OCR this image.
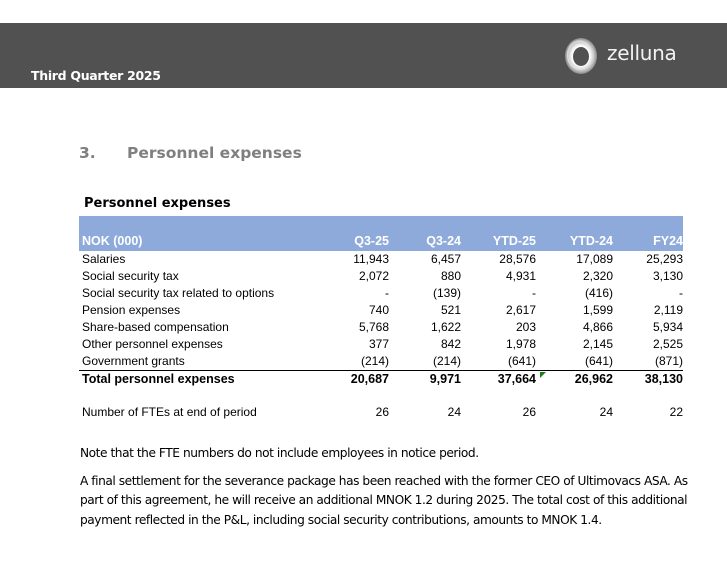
Third Quarter 2025
zelluna
3.	Personnel expenses
Personnel expenses
NOK (000)	Q3-25	Q3-24	YTD-25	YTD-24	FY24
Salaries	11,943	6,457	28,576	17,089	25,293
Social security tax	2,072	880	4,931	2,320	3,130
Social security tax related to options	-	(139)	-	(416)	-
Pension expenses	740	521	2,617	1,599	2,119
Share-based compensation	5,768	1,622	203	4,866	5,934
Other personnel expenses	377	842	1,978	2,145	2,525
Government grants	(214)	(214)	(641)	(641)	(871)
Total personnel expenses	20,687	9,971	37,664	26,962	38,130

Number of FTEs at end of period	26	24	26	24	22

Note that the FTE numbers do not include employees in notice period.

A final settlement for the severance package has been reached with the former CEO of Ultimovacs ASA. As part of this agreement, he will receive an additional MNOK 1.2 during 2025. The total cost of this additional payment reflected in the P&L, including social security contributions, amounts to MNOK 1.4.
